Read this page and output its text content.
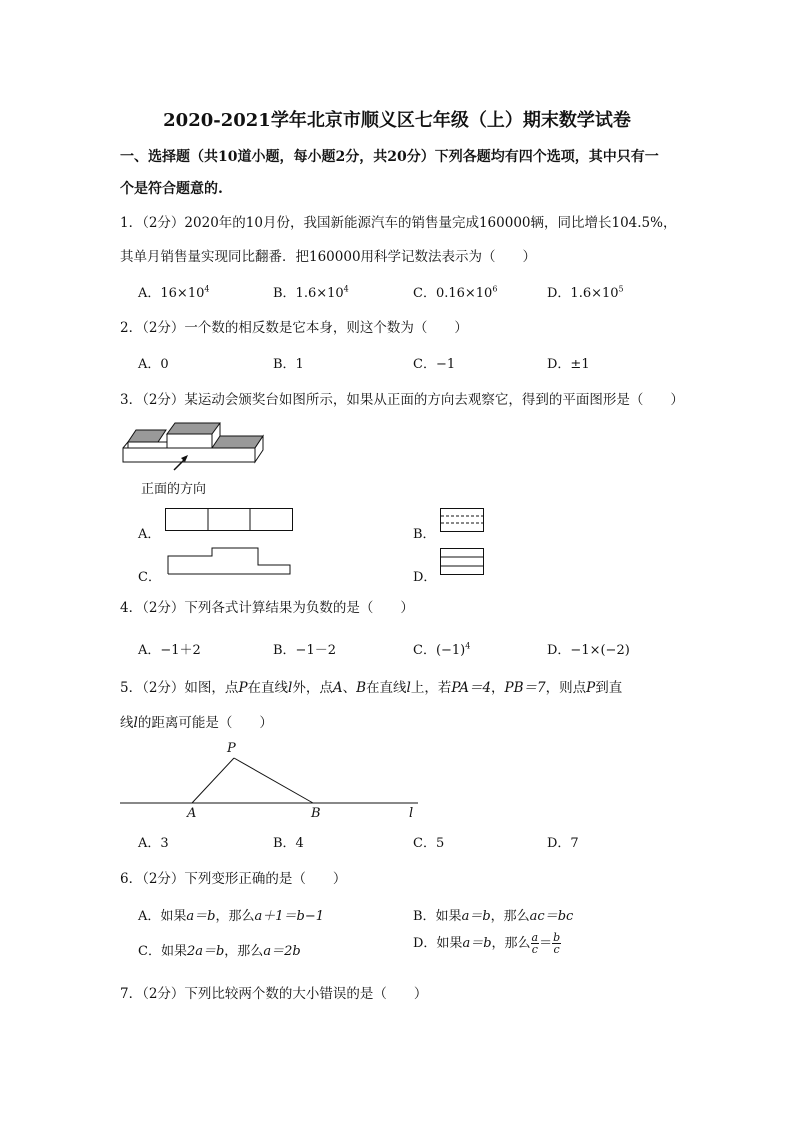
2020-2021学年北京市顺义区七年级（上）期末数学试卷
一、选择题（共10道小题，每小题2分，共20分）下列各题均有四个选项，其中只有一
个是符合题意的.
1．（2分）2020年的10月份，我国新能源汽车的销售量完成160000辆，同比增长104.5%，
其单月销售量实现同比翻番．把160000用科学记数法表示为（　　）
A．$16\times 10^4$	B．$1.6\times 10^4$	C．$0.16\times 10^6$	D．$1.6\times 10^5$
2．（2分）一个数的相反数是它本身，则这个数为（　　）
A．0	B．1	C．−1	D．±1
3．（2分）某运动会颁奖台如图所示，如果从正面的方向去观察它，得到的平面图形是（　　）
正面的方向
A．	B．
C．	D．
4．（2分）下列各式计算结果为负数的是（　　）
A．−1＋2	B．−1－2	C．$(-1)^4$	D．−1×(−2)
5．（2分）如图，点P在直线l外，点A、B在直线l上，若PA＝4，PB＝7，则点P到直
线l的距离可能是（　　）
P
A	B	l
A．3	B．4	C．5	D．7
6．（2分）下列变形正确的是（　　）
A．如果a＝b，那么a＋1＝b−1	B．如果a＝b，那么ac＝bc
C．如果2a＝b，那么a＝2b
D．如果a＝b，那么 $\frac{a}{c} = \frac{b}{c}$
7．（2分）下列比较两个数的大小错误的是（　　）
